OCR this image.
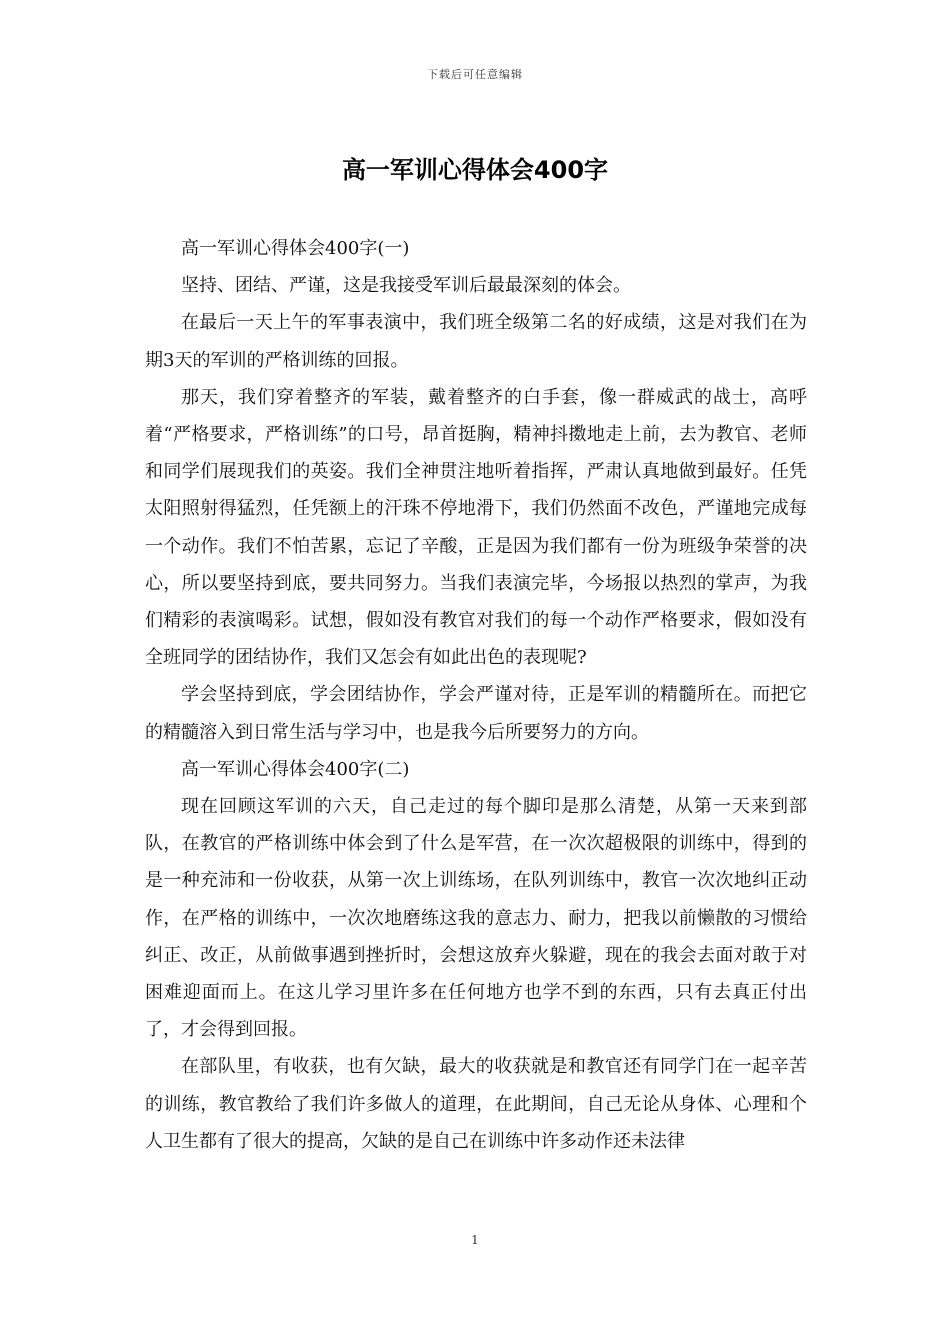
下载后可任意编辑
高一军训心得体会400字

高一军训心得体会400字(一)

坚持、团结、严谨，这是我接受军训后最最深刻的体会。

在最后一天上午的军事表演中，我们班全级第二名的好成绩，这是对我们在为期3天的军训的严格训练的回报。

那天，我们穿着整齐的军装，戴着整齐的白手套，像一群威武的战士，高呼着“严格要求，严格训练”的口号，昂首挺胸，精神抖擞地走上前，去为教官、老师和同学们展现我们的英姿。我们全神贯注地听着指挥，严肃认真地做到最好。任凭太阳照射得猛烈，任凭额上的汗珠不停地滑下，我们仍然面不改色，严谨地完成每一个动作。我们不怕苦累，忘记了辛酸，正是因为我们都有一份为班级争荣誉的决心，所以要坚持到底，要共同努力。当我们表演完毕，今场报以热烈的掌声，为我们精彩的表演喝彩。试想，假如没有教官对我们的每一个动作严格要求，假如没有全班同学的团结协作，我们又怎会有如此出色的表现呢?

学会坚持到底，学会团结协作，学会严谨对待，正是军训的精髓所在。而把它的精髓溶入到日常生活与学习中，也是我今后所要努力的方向。

高一军训心得体会400字(二)

现在回顾这军训的六天，自己走过的每个脚印是那么清楚，从第一天来到部队，在教官的严格训练中体会到了什么是军营，在一次次超极限的训练中，得到的是一种充沛和一份收获，从第一次上训练场，在队列训练中，教官一次次地纠正动作，在严格的训练中，一次次地磨练这我的意志力、耐力，把我以前懒散的习惯给纠正、改正，从前做事遇到挫折时，会想这放弃火躲避，现在的我会去面对敢于对困难迎面而上。在这儿学习里许多在任何地方也学不到的东西，只有去真正付出了，才会得到回报。

在部队里，有收获，也有欠缺，最大的收获就是和教官还有同学门在一起辛苦的训练，教官教给了我们许多做人的道理，在此期间，自己无论从身体、心理和个人卫生都有了很大的提高，欠缺的是自己在训练中许多动作还未法律

1
